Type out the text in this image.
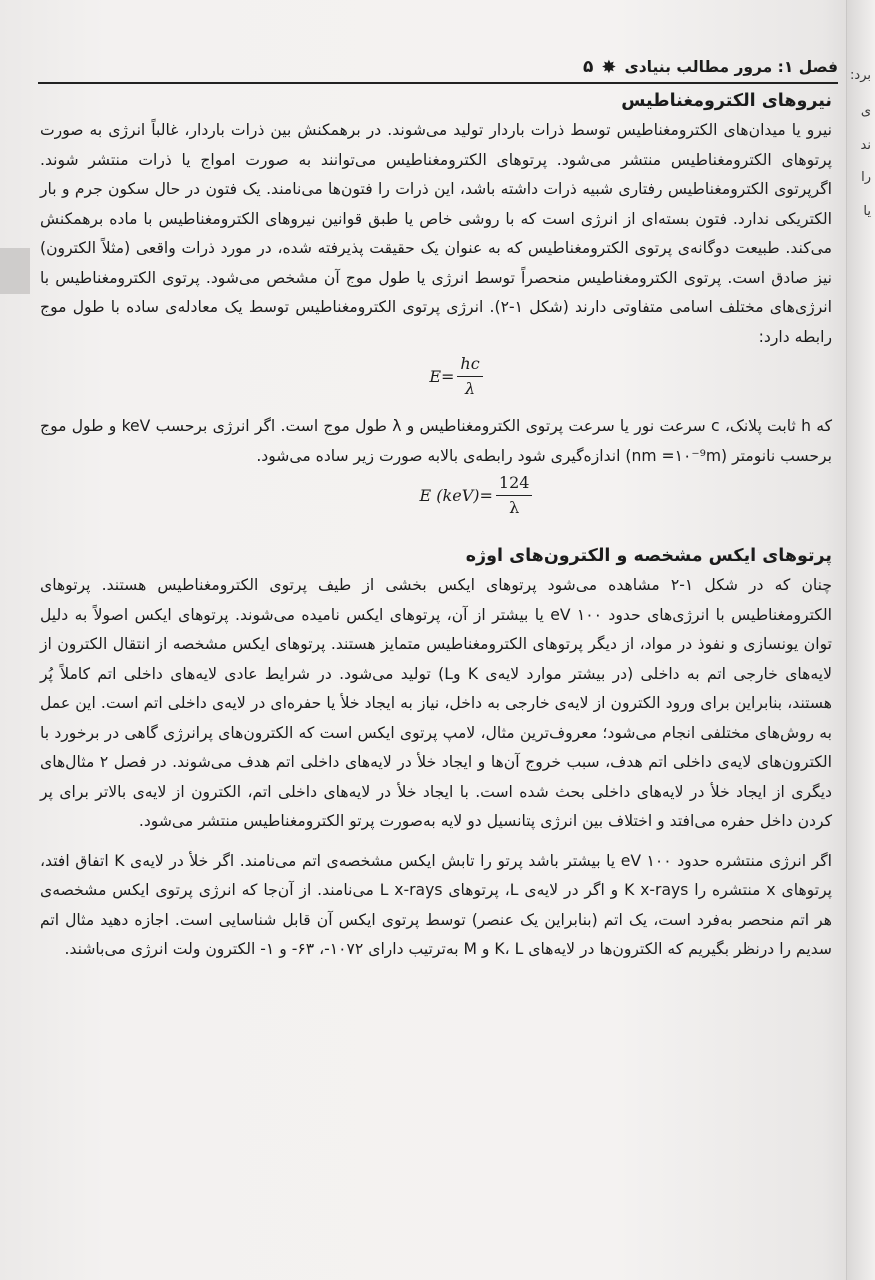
برد:
ی
ند
را
یا
فصل ۱: مرور مطالب بنیادی
✸
۵
نیروهای الکترومغناطیس

نیرو یا میدان‌های الکترومغناطیس توسط ذرات باردار تولید می‌شوند. در برهمکنش بین ذرات باردار، غالباً انرژی به صورت پرتوهای الکترومغناطیس منتشر می‌شود. پرتوهای الکترومغناطیس می‌توانند به صورت امواج یا ذرات منتشر شوند. اگرپرتوی الکترومغناطیس رفتاری شبیه ذرات داشته باشد، این ذرات را فتون‌ها می‌نامند. یک فتون در حال سکون جرم و بار الکتریکی ندارد. فتون بسته‌ای از انرژی است که با روشی خاص یا طبق قوانین نیروهای الکترومغناطیس با ماده برهمکنش می‌کند. طبیعت دوگانه‌ی پرتوی الکترومغناطیس که به عنوان یک حقیقت پذیرفته شده، در مورد ذرات واقعی (مثلاً الکترون) نیز صادق است. پرتوی الکترومغناطیس منحصراً توسط انرژی یا طول موج آن مشخص می‌شود. پرتوی الکترومغناطیس با انرژی‌های مختلف اسامی متفاوتی دارند (شکل ۱-۲). انرژی پرتوی الکترومغناطیس توسط یک معادله‌ی ساده با طول موج رابطه دارد:

$E = \frac{hc}{\lambda}$

که h ثابت پلانک، c سرعت نور یا سرعت پرتوی الکترومغناطیس و λ طول موج است. اگر انرژی برحسب keV و طول موج برحسب نانومتر (nm =۱۰⁻⁹m) اندازه‌گیری شود رابطه‌ی بالابه صورت زیر ساده می‌شود.

E $(keV) = \frac{124}{\lambda}$
پرتوهای ایکس مشخصه و الکترون‌های اوژه

چنان که در شکل ۱-۲ مشاهده می‌شود پرتوهای ایکس بخشی از طیف پرتوی الکترومغناطیس هستند. پرتوهای الکترومغناطیس با انرژی‌های حدود ۱۰۰ eV یا بیشتر از آن، پرتوهای ایکس نامیده می‌شوند. پرتوهای ایکس اصولاً به دلیل توان یونسازی و نفوذ در مواد، از دیگر پرتوهای الکترومغناطیس متمایز هستند. پرتوهای ایکس مشخصه از انتقال الکترون از لایه‌های خارجی اتم به داخلی (در بیشتر موارد لایه‌ی K وL) تولید می‌شود. در شرایط عادی لایه‌های داخلی اتم کاملاً پُر هستند، بنابراین برای ورود الکترون از لایه‌ی خارجی به داخل، نیاز به ایجاد خلأ یا حفره‌ای در لایه‌ی داخلی اتم است. این عمل به روش‌های مختلفی انجام می‌شود؛ معروف‌ترین مثال، لامپ پرتوی ایکس است که الکترون‌های پرانرژی گاهی در برخورد با الکترون‌های لایه‌ی داخلی اتم هدف، سبب خروج آن‌ها و ایجاد خلأ در لایه‌های داخلی اتم هدف می‌شوند. در فصل ۲ مثال‌های دیگری از ایجاد خلأ در لایه‌های داخلی بحث شده است. با ایجاد خلأ در لایه‌های داخلی اتم، الکترون از لایه‌ی بالاتر برای پر کردن داخل حفره می‌افتد و اختلاف بین انرژی پتانسیل دو لایه به‌صورت پرتو الکترومغناطیس منتشر می‌شود.

اگر انرژی منتشره حدود ۱۰۰ eV یا بیشتر باشد پرتو را تابش ایکس مشخصه‌ی اتم می‌نامند. اگر خلأ در لایه‌ی K اتفاق افتد، پرتوهای x منتشره را K x-rays و اگر در لایه‌ی L، پرتوهای L x-rays می‌نامند. از آن‌جا که انرژی پرتوی ایکس مشخصه‌ی هر اتم منحصر به‌فرد است، یک اتم (بنابراین یک عنصر) توسط پرتوی ایکس آن قابل شناسایی است. اجازه دهید مثال اتم سدیم را درنظر بگیریم که الکترون‌ها در لایه‌های K، L و M به‌ترتیب دارای ۱۰۷۲-، ۶۳- و ۱- الکترون ولت انرژی می‌باشند.
